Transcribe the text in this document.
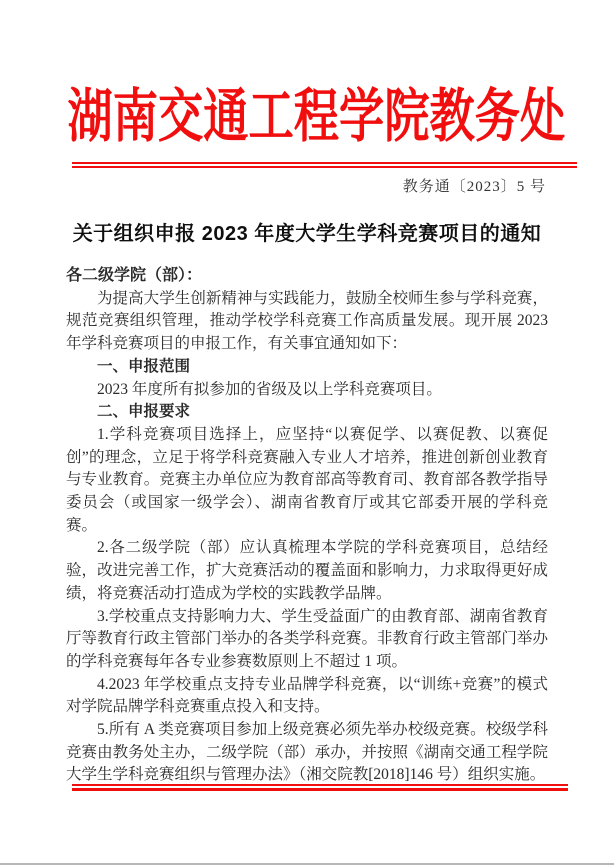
湖南交通工程学院教务处
教务通〔2023〕5 号
关于组织申报 2023 年度大学生学科竞赛项目的通知

各二级学院（部）：

为提高大学生创新精神与实践能力，鼓励全校师生参与学科竞赛，规范竞赛组织管理，推动学校学科竞赛工作高质量发展。现开展 2023 年学科竞赛项目的申报工作，有关事宜通知如下：

一、申报范围

2023 年度所有拟参加的省级及以上学科竞赛项目。

二、申报要求

1.学科竞赛项目选择上，应坚持“以赛促学、以赛促教、以赛促创”的理念，立足于将学科竞赛融入专业人才培养，推进创新创业教育与专业教育。竞赛主办单位应为教育部高等教育司、教育部各教学指导委员会（或国家一级学会）、湖南省教育厅或其它部委开展的学科竞赛。

2.各二级学院（部）应认真梳理本学院的学科竞赛项目，总结经验，改进完善工作，扩大竞赛活动的覆盖面和影响力，力求取得更好成绩，将竞赛活动打造成为学校的实践教学品牌。

3.学校重点支持影响力大、学生受益面广的由教育部、湖南省教育厅等教育行政主管部门举办的各类学科竞赛。非教育行政主管部门举办的学科竞赛每年各专业参赛数原则上不超过 1 项。

4.2023 年学校重点支持专业品牌学科竞赛，以“训练+竞赛”的模式对学院品牌学科竞赛重点投入和支持。

5.所有 A 类竞赛项目参加上级竞赛必须先举办校级竞赛。校级学科竞赛由教务处主办，二级学院（部）承办，并按照《湖南交通工程学院大学生学科竞赛组织与管理办法》（湘交院教[2018]146 号）组织实施。
